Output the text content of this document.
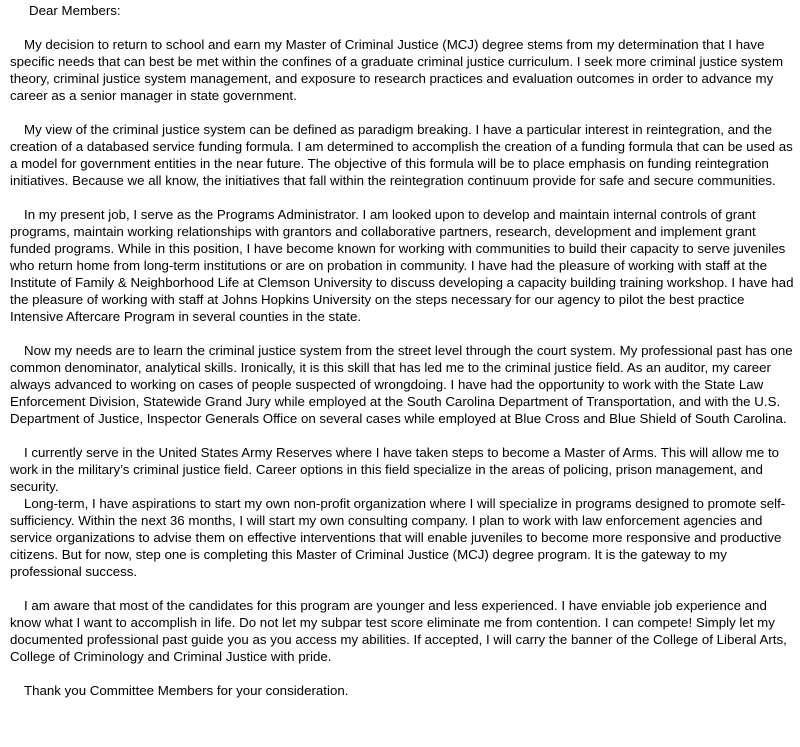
Dear Members:

My decision to return to school and earn my Master of Criminal Justice (MCJ) degree stems from my determination that I have specific needs that can best be met within the confines of a graduate criminal justice curriculum. I seek more criminal justice system theory, criminal justice system management, and exposure to research practices and evaluation outcomes in order to advance my career as a senior manager in state government.

My view of the criminal justice system can be defined as paradigm breaking. I have a particular interest in reintegration, and the creation of a databased service funding formula. I am determined to accomplish the creation of a funding formula that can be used as a model for government entities in the near future. The objective of this formula will be to place emphasis on funding reintegration initiatives. Because we all know, the initiatives that fall within the reintegration continuum provide for safe and secure communities.

In my present job, I serve as the Programs Administrator. I am looked upon to develop and maintain internal controls of grant programs, maintain working relationships with grantors and collaborative partners, research, development and implement grant funded programs. While in this position, I have become known for working with communities to build their capacity to serve juveniles who return home from long-term institutions or are on probation in community. I have had the pleasure of working with staff at the Institute of Family & Neighborhood Life at Clemson University to discuss developing a capacity building training workshop. I have had the pleasure of working with staff at Johns Hopkins University on the steps necessary for our agency to pilot the best practice Intensive Aftercare Program in several counties in the state.

Now my needs are to learn the criminal justice system from the street level through the court system. My professional past has one common denominator, analytical skills. Ironically, it is this skill that has led me to the criminal justice field. As an auditor, my career always advanced to working on cases of people suspected of wrongdoing. I have had the opportunity to work with the State Law Enforcement Division, Statewide Grand Jury while employed at the South Carolina Department of Transportation, and with the U.S. Department of Justice, Inspector Generals Office on several cases while employed at Blue Cross and Blue Shield of South Carolina.

I currently serve in the United States Army Reserves where I have taken steps to become a Master of Arms. This will allow me to work in the military’s criminal justice field. Career options in this field specialize in the areas of policing, prison management, and security.

Long-term, I have aspirations to start my own non-profit organization where I will specialize in programs designed to promote self-sufficiency. Within the next 36 months, I will start my own consulting company. I plan to work with law enforcement agencies and service organizations to advise them on effective interventions that will enable juveniles to become more responsive and productive citizens. But for now, step one is completing this Master of Criminal Justice (MCJ) degree program. It is the gateway to my professional success.

I am aware that most of the candidates for this program are younger and less experienced. I have enviable job experience and know what I want to accomplish in life. Do not let my subpar test score eliminate me from contention. I can compete! Simply let my documented professional past guide you as you access my abilities. If accepted, I will carry the banner of the College of Liberal Arts, College of Criminology and Criminal Justice with pride.

Thank you Committee Members for your consideration.
